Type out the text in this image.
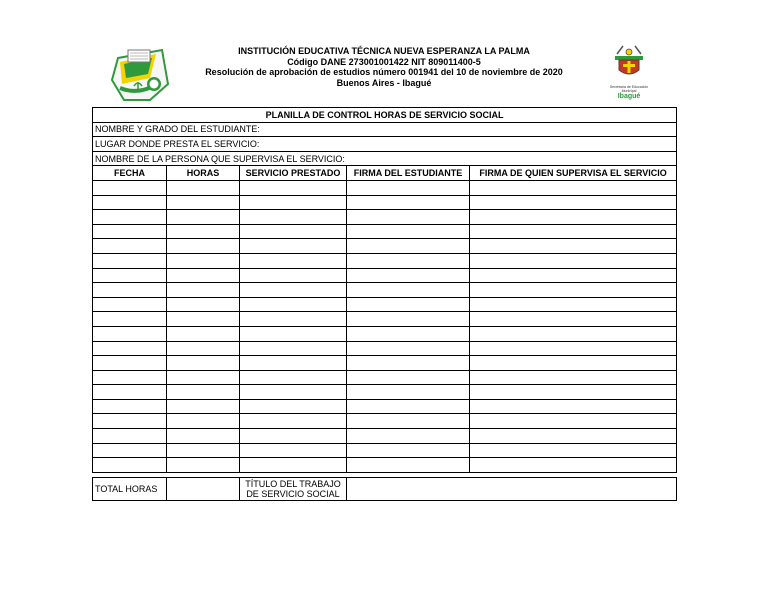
INSTITUCIÓN EDUCATIVA TÉCNICA NUEVA ESPERANZA LA PALMA
Código DANE 273001001422 NIT 809011400-5
Resolución de aprobación de estudios número 001941 del 10 de noviembre de 2020
Buenos Aires - Ibagué	Secretaría de Educación
Municipal
Ibagué
PLANILLA DE CONTROL HORAS DE SERVICIO SOCIAL				
NOMBRE Y GRADO DEL ESTUDIANTE:				
LUGAR DONDE PRESTA EL SERVICIO:				
NOMBRE DE LA PERSONA QUE SUPERVISA EL SERVICIO:				
FECHA	HORAS	SERVICIO PRESTADO	FIRMA DEL ESTUDIANTE	FIRMA DE QUIEN SUPERVISA EL SERVICIO

TOTAL HORAS		TÍTULO DEL TRABAJO DE SERVICIO SOCIAL	
